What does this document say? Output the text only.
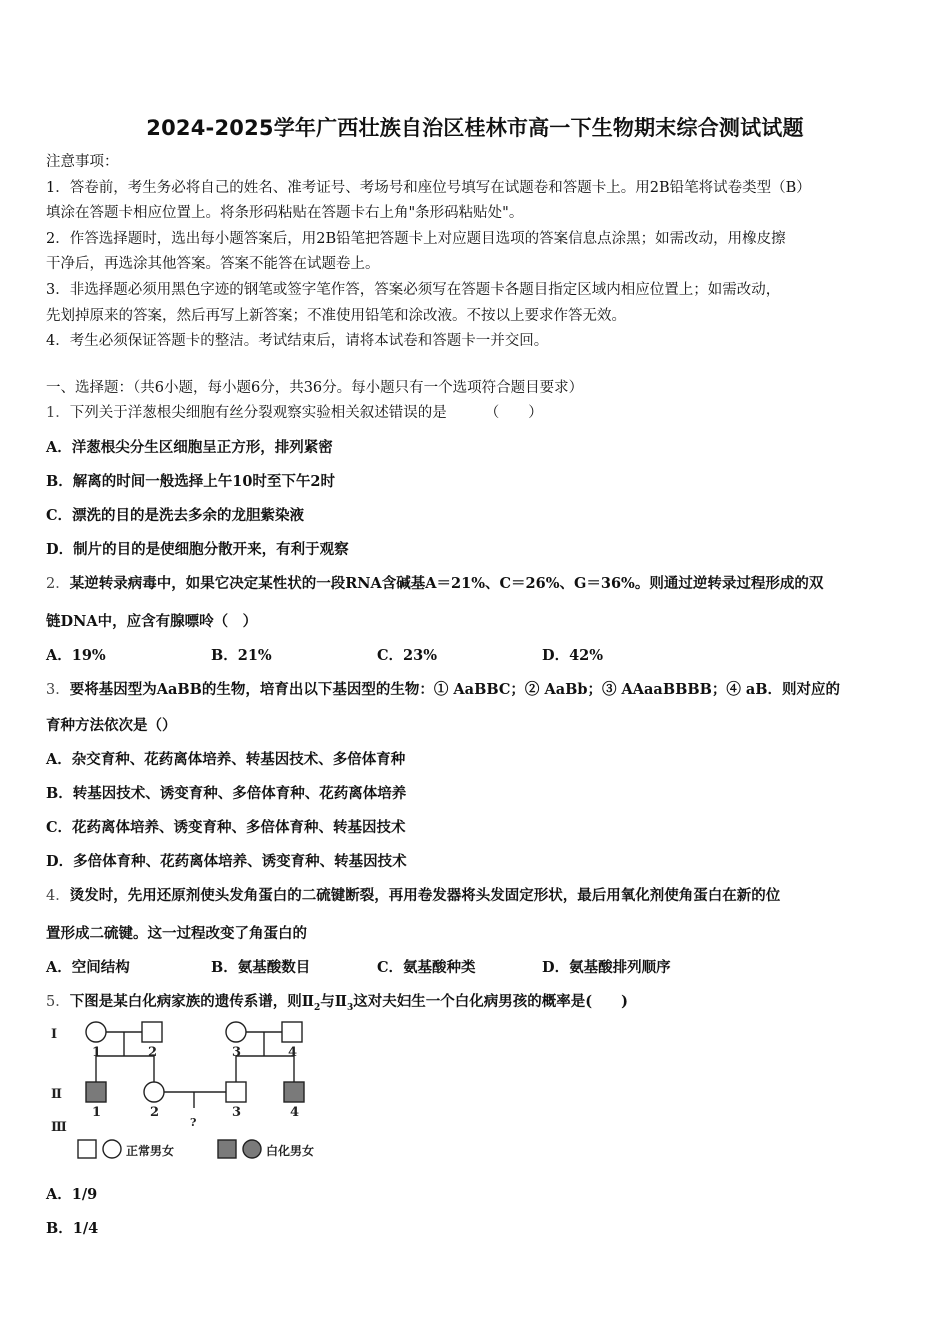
2024-2025学年广西壮族自治区桂林市高一下生物期末综合测试试题
注意事项：
1．答卷前，考生务必将自己的姓名、准考证号、考场号和座位号填写在试题卷和答题卡上。用2B铅笔将试卷类型（B）
填涂在答题卡相应位置上。将条形码粘贴在答题卡右上角"条形码粘贴处"。
2．作答选择题时，选出每小题答案后，用2B铅笔把答题卡上对应题目选项的答案信息点涂黑；如需改动，用橡皮擦
干净后，再选涂其他答案。答案不能答在试题卷上。
3．非选择题必须用黑色字迹的钢笔或签字笔作答，答案必须写在答题卡各题目指定区域内相应位置上；如需改动，
先划掉原来的答案，然后再写上新答案；不准使用铅笔和涂改液。不按以上要求作答无效。
4．考生必须保证答题卡的整洁。考试结束后，请将本试卷和答题卡一并交回。
一、选择题：（共6小题，每小题6分，共36分。每小题只有一个选项符合题目要求）
1．下列关于洋葱根尖细胞有丝分裂观察实验相关叙述错误的是	（　　）
A．洋葱根尖分生区细胞呈正方形，排列紧密
B．解离的时间一般选择上午10时至下午2时
C．漂洗的目的是洗去多余的龙胆紫染液
D．制片的目的是使细胞分散开来，有利于观察
2．某逆转录病毒中，如果它决定某性状的一段RNA含碱基A＝21%、C＝26%、G＝36%。则通过逆转录过程形成的双
链DNA中，应含有腺嘌呤（　）
A．19%	B．21%	C．23%	D．42%
3．要将基因型为AaBB的生物，培育出以下基因型的生物：① AaBBC；② AaBb；③ AAaaBBBB；④ aB．则对应的
育种方法依次是（）
A．杂交育种、花药离体培养、转基因技术、多倍体育种
B．转基因技术、诱变育种、多倍体育种、花药离体培养
C．花药离体培养、诱变育种、多倍体育种、转基因技术
D．多倍体育种、花药离体培养、诱变育种、转基因技术
4．烫发时，先用还原剂使头发角蛋白的二硫键断裂，再用卷发器将头发固定形状，最后用氧化剂使角蛋白在新的位
置形成二硫键。这一过程改变了角蛋白的
A．空间结构	B．氨基酸数目	C．氨基酸种类	D．氨基酸排列顺序
5．下图是某白化病家族的遗传系谱，则$Ⅱ_2$与$Ⅱ_3$这对夫妇生一个白化病男孩的概率是(　　)
A．1/9
B．1/4
Ⅰ
Ⅱ
Ⅲ
1	2	3	4
1	2	3	4
?
正常男女	白化男女
